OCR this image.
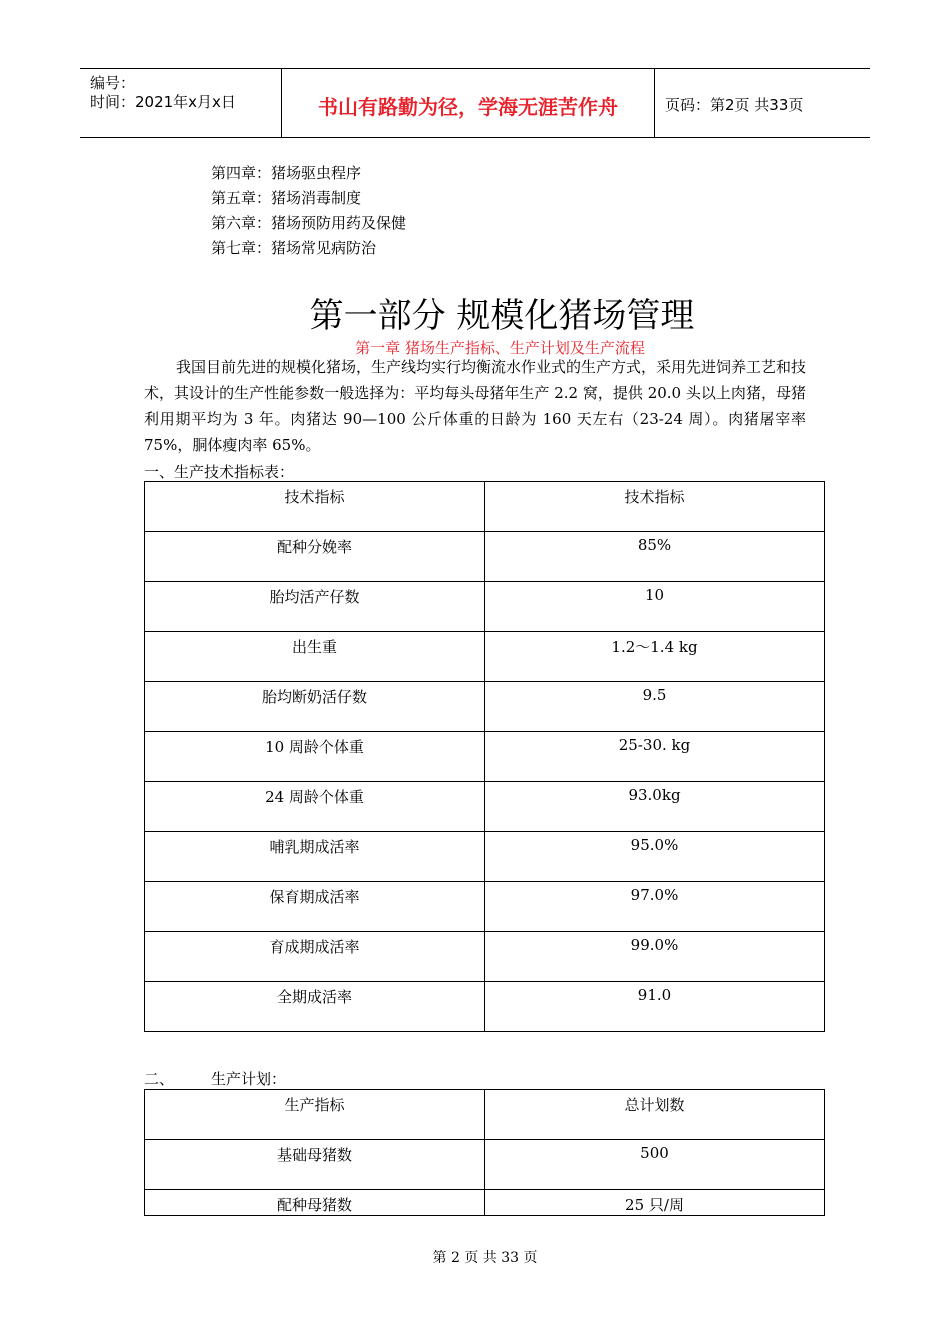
编号：
时间：2021年x月x日	书山有路勤为径，学海无涯苦作舟	页码：第2页 共33页
第四章：猪场驱虫程序
第五章：猪场消毒制度
第六章：猪场预防用药及保健
第七章：猪场常见病防治
第一部分 规模化猪场管理
第一章 猪场生产指标、生产计划及生产流程
我国目前先进的规模化猪场，生产线均实行均衡流水作业式的生产方式，采用先进饲养工艺和技术，其设计的生产性能参数一般选择为：平均每头母猪年生产 2.2 窝，提供 20.0 头以上肉猪，母猪利用期平均为 3 年。肉猪达 90—100 公斤体重的日龄为 160 天左右（23-24 周）。肉猪屠宰率 75%，胴体瘦肉率 65%。
一、生产技术指标表：
技术指标	技术指标
配种分娩率	85%
胎均活产仔数	10
出生重	1.2～1.4 kg
胎均断奶活仔数	9.5
10 周龄个体重	25-30. kg
24 周龄个体重	93.0kg
哺乳期成活率	95.0%
保育期成活率	97.0%
育成期成活率	99.0%
全期成活率	91.0
二、 生产计划：
生产指标	总计划数
基础母猪数	500
配种母猪数	25 只/周
第 2 页 共 33 页
